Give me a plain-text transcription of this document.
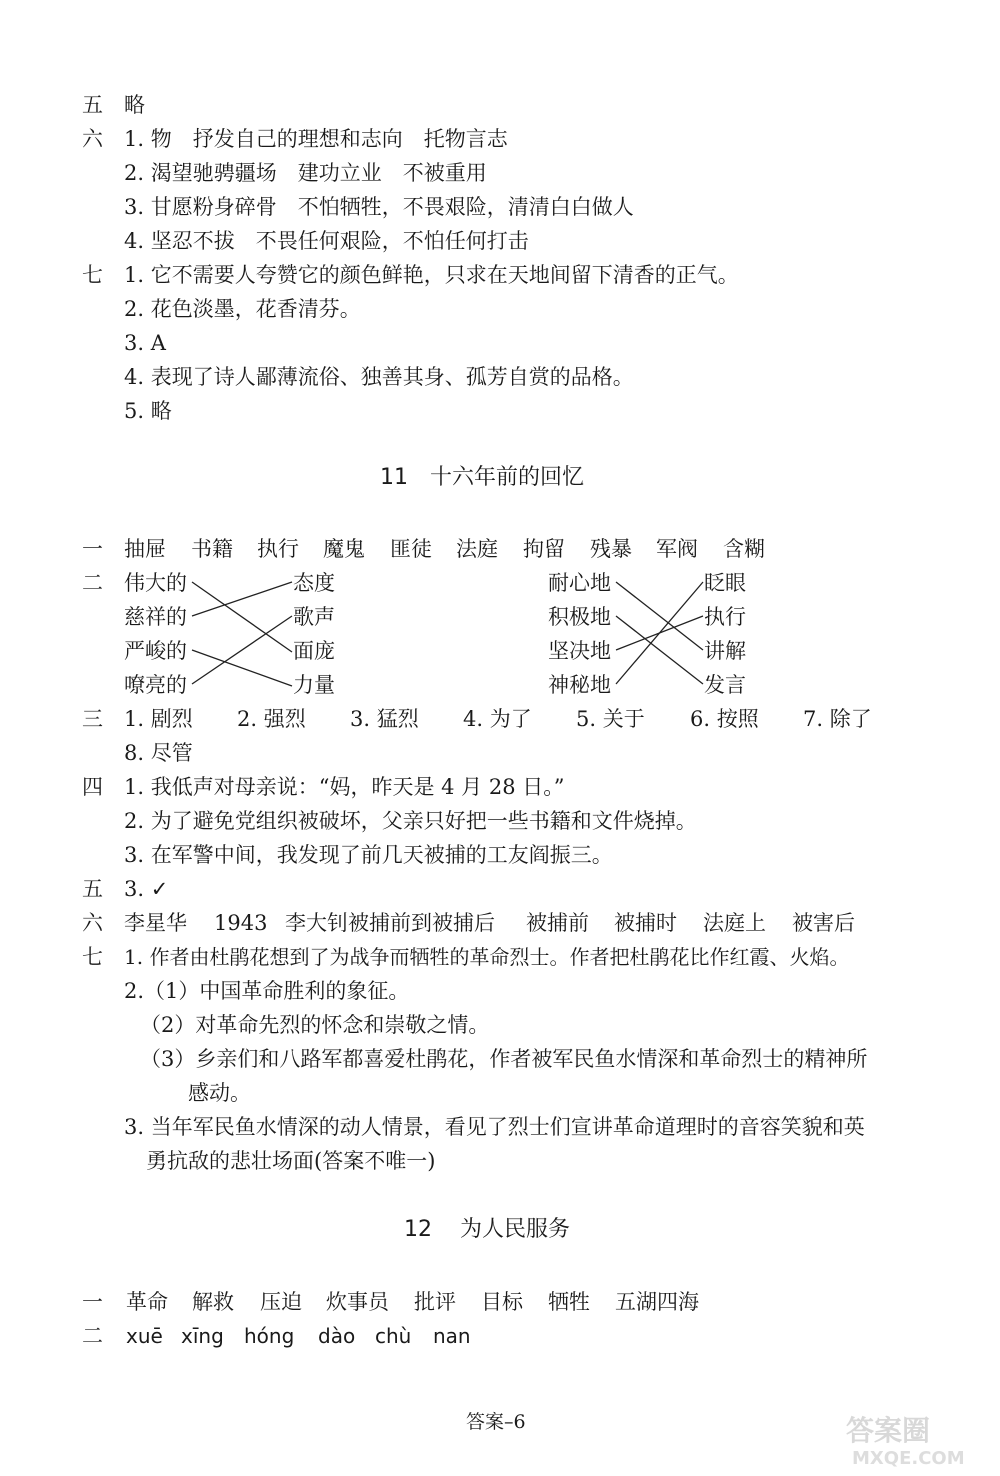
五 略
六 1. 物　抒发自己的理想和志向　托物言志
2. 渴望驰骋疆场　建功立业　不被重用
3. 甘愿粉身碎骨　不怕牺牲，不畏艰险，清清白白做人
4. 坚忍不拔　不畏任何艰险，不怕任何打击
七 1. 它不需要人夸赞它的颜色鲜艳，只求在天地间留下清香的正气。
2. 花色淡墨，花香清芬。
3. A
4. 表现了诗人鄙薄流俗、独善其身、孤芳自赏的品格。
5. 略
11 十六年前的回忆
一 抽屉 书籍 执行 魔鬼 匪徒 法庭 拘留 残暴 军阀 含糊
二 伟大的
慈祥的
严峻的
嘹亮的
态度
歌声
面庞
力量
耐心地
积极地
坚决地
神秘地
眨眼
执行
讲解
发言
三 1. 剧烈 2. 强烈 3. 猛烈 4. 为了 5. 关于 6. 按照 7. 除了
8. 尽管
四 1. 我低声对母亲说：“妈，昨天是 4 月 28 日。”
2. 为了避免党组织被破坏，父亲只好把一些书籍和文件烧掉。
3. 在军警中间，我发现了前几天被捕的工友阎振三。
五 3. ✓
六 李星华 1943 李大钊被捕前到被捕后 被捕前 被捕时 法庭上 被害后
七 1. 作者由杜鹃花想到了为战争而牺牲的革命烈士。作者把杜鹃花比作红霞、火焰。
2.（1）中国革命胜利的象征。
（2）对革命先烈的怀念和崇敬之情。
（3）乡亲们和八路军都喜爱杜鹃花，作者被军民鱼水情深和革命烈士的精神所
感动。
3. 当年军民鱼水情深的动人情景，看见了烈士们宣讲革命道理时的音容笑貌和英
勇抗敌的悲壮场面(答案不唯一)
12 为人民服务
一 革命 解救 压迫 炊事员 批评 目标 牺牲 五湖四海
二 xuē xīng hóng dào chù nan
答案–6	答案圈
MXQE.COM
